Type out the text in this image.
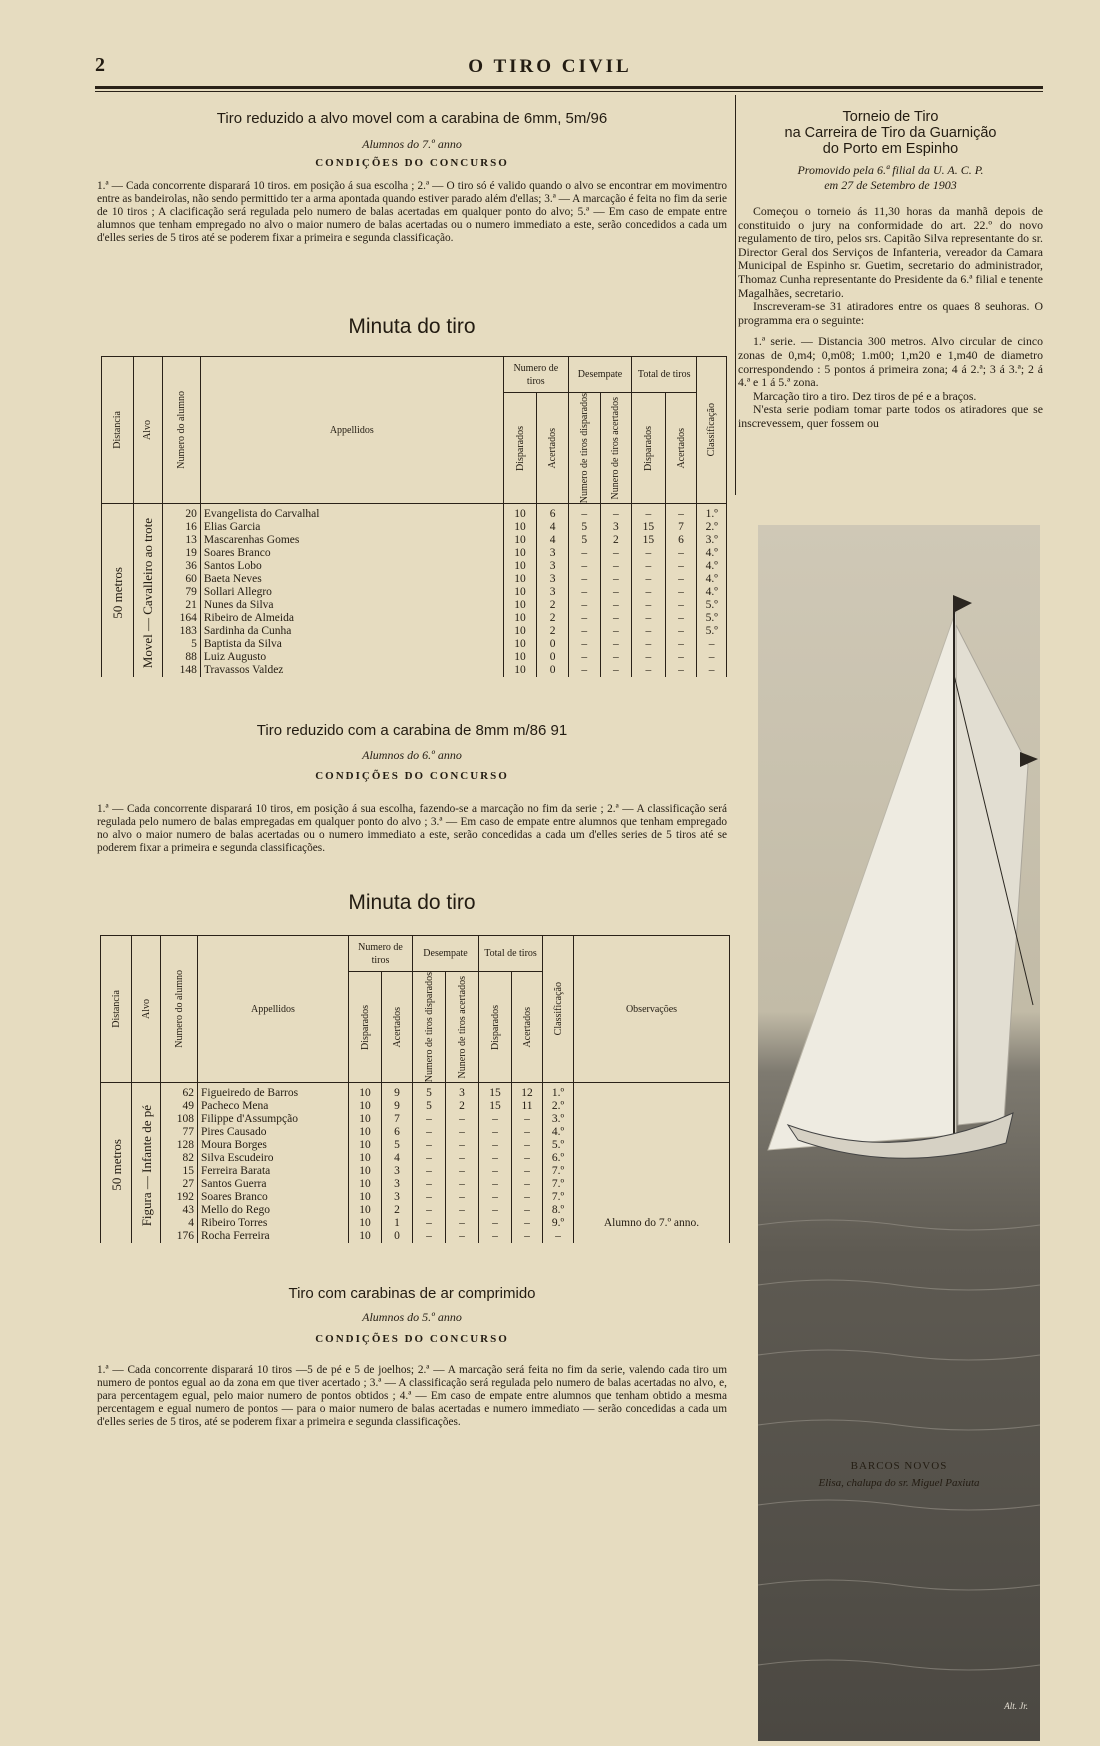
2	O TIRO CIVIL
Tiro reduzido a alvo movel com a carabina de 6mm, 5m/96
Alumnos do 7.º anno
CONDIÇÕES DO CONCURSO
1.ª — Cada concorrente disparará 10 tiros. em posição á sua escolha ; 2.ª — O tiro só é valido quando o alvo se encontrar em movimentro entre as bandeirolas, não sendo permittido ter a arma apontada quando estiver parado além d'ellas; 3.ª — A marcação é feita no fim da serie de 10 tiros ; A clacificação será regulada pelo numero de balas acertadas em qualquer ponto do alvo; 5.ª — Em caso de empate entre alumnos que tenham empregado no alvo o maior numero de balas acertadas ou o numero immediato a este, serão concedidos a cada um d'elles series de 5 tiros até se poderem fixar a primeira e segunda classificação.
Minuta do tiro
Distancia	Alvo	Numero do alumno	Appellidos	Numero de tiros		Desempate		Total de tiros		Classificação

				Disparados	Acertados	Numero de tiros disparados	Nunero de tiros acertados	Disparados	Acertados	

50 metros	Movel — Cavalleiro ao trote	20	Evangelista do Carvalhal	10	6	–	–	–	–	1.º
		16	Elias Garcia	10	4	5	3	15	7	2.º
		13	Mascarenhas Gomes	10	4	5	2	15	6	3.º
		19	Soares Branco	10	3	–	–	–	–	4.º
		36	Santos Lobo	10	3	–	–	–	–	4.º
		60	Baeta Neves	10	3	–	–	–	–	4.º
		79	Sollari Allegro	10	3	–	–	–	–	4.º
		21	Nunes da Silva	10	2	–	–	–	–	5.º
		164	Ribeiro de Almeida	10	2	–	–	–	–	5.º
		183	Sardinha da Cunha	10	2	–	–	–	–	5.º
		5	Baptista da Silva	10	0	–	–	–	–	–
		88	Luiz Augusto	10	0	–	–	–	–	–
		148	Travassos Valdez	10	0	–	–	–	–	–
Tiro reduzido com a carabina de 8mm m/86 91
Alumnos do 6.º anno
CONDIÇÕES DO CONCURSO
1.ª — Cada concorrente disparará 10 tiros, em posição á sua escolha, fazendo-se a marcação no fim da serie ; 2.ª — A classificação será regulada pelo numero de balas empregadas em qualquer ponto do alvo ; 3.ª — Em caso de empate entre alumnos que tenham empregado no alvo o maior numero de balas acertadas ou o numero immediato a este, serão concedidas a cada um d'elles series de 5 tiros até se poderem fixar a primeira e segunda classificações.
Minuta do tiro
Distancia	Alvo	Numero do alumno	Appellidos	Numero de tiros		Desempate		Total de tiros		Classificação	Observações

				Disparados	Acertados	Numero de tiros disparados	Nunero de tiros acertados	Disparados	Acertados		

50 metros	Figura — Infante de pé	62	Figueiredo de Barros	10	9	5	3	15	12	1.º	
		49	Pacheco Mena	10	9	5	2	15	11	2.º	
		108	Filippe d'Assumpção	10	7	–	–	–	–	3.º	
		77	Pires Causado	10	6	–	–	–	–	4.º	
		128	Moura Borges	10	5	–	–	–	–	5.º	
		82	Silva Escudeiro	10	4	–	–	–	–	6.º	
		15	Ferreira Barata	10	3	–	–	–	–	7.º	
		27	Santos Guerra	10	3	–	–	–	–	7.º	
		192	Soares Branco	10	3	–	–	–	–	7.º	
		43	Mello do Rego	10	2	–	–	–	–	8.º	
		4	Ribeiro Torres	10	1	–	–	–	–	9.º	Alumno do 7.º anno.
		176	Rocha Ferreira	10	0	–	–	–	–	–	
Tiro com carabinas de ar comprimido
Alumnos do 5.º anno
CONDIÇÕES DO CONCURSO
1.ª — Cada concorrente disparará 10 tiros —5 de pé e 5 de joelhos; 2.ª — A marcação será feita no fim da serie, valendo cada tiro um numero de pontos egual ao da zona em que tiver acertado ; 3.ª — A classificação será regulada pelo numero de balas acertadas no alvo, e, para percentagem egual, pelo maior numero de pontos obtidos ; 4.ª — Em caso de empate entre alumnos que tenham obtido a mesma percentagem e egual numero de pontos — para o maior numero de balas acertadas e numero immediato — serão concedidas a cada um d'elles series de 5 tiros, até se poderem fixar a primeira e segunda classificações.
Torneio de Tiro
na Carreira de Tiro da Guarnição
do Porto em Espinho
Promovido pela 6.ª filial da U. A. C. P.
em 27 de Setembro de 1903
Começou o torneio ás 11,30 horas da manhã depois de constituido o jury na conformidade do art. 22.º do novo regulamento de tiro, pelos srs. Capitão Silva representante do sr. Director Geral dos Serviços de Infanteria, vereador da Camara Municipal de Espinho sr. Guetim, secretario do administrador, Thomaz Cunha representante do Presidente da 6.ª filial e tenente Magalhães, secretario.
Inscreveram-se 31 atiradores entre os quaes 8 seuhoras. O programma era o seguinte:
1.ª serie. — Distancia 300 metros. Alvo circular de cinco zonas de 0,m4; 0,m08; 1.m00; 1,m20 e 1,m40 de diametro correspondendo : 5 pontos á primeira zona; 4 á 2.ª; 3 á 3.ª; 2 á 4.ª e 1 á 5.ª zona.
Marcação tiro a tiro. Dez tiros de pé e a braços.
N'esta serie podiam tomar parte todos os atiradores que se inscrevessem, quer fossem ou
Alt. Jr.
BARCOS NOVOS
Elisa, chalupa do sr. Miguel Paxiuta
